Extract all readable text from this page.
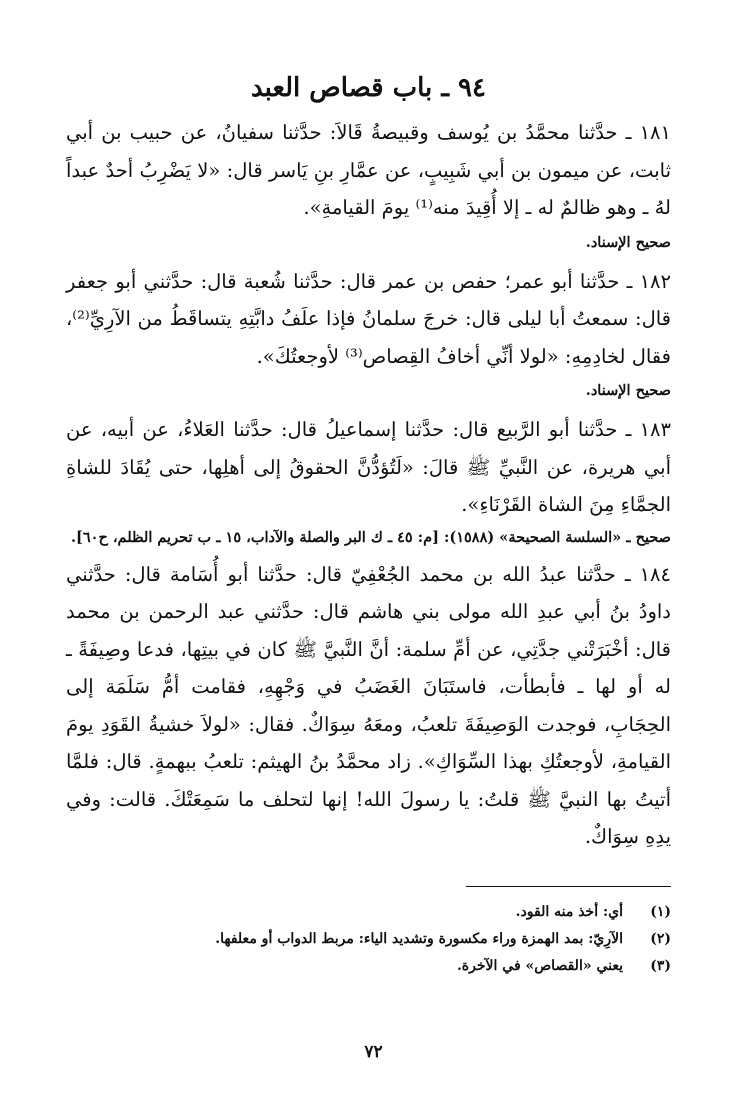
٩٤ ـ باب قصاص العبد

١٨١ ـ حدَّثنا محمَّدُ بن يُوسف وقبيصةُ قَالاَ: حدَّثنا سفيانُ، عن حبيب بن أبي ثابت، عن ميمون بن أبي شَبِيبٍ، عن عمَّارِ بنِ يَاسر قال: «لا يَضْرِبُ أحدٌ عبداً لهُ ـ وهو ظالمٌ له ـ إلا أُقِيدَ منه⁽¹⁾ يومَ القيامةِ».

صحيح الإسناد.

١٨٢ ـ حدَّثنا أبو عمر؛ حفص بن عمر قال: حدَّثنا شُعبة قال: حدَّثني أبو جعفر قال: سمعتُ أبا ليلى قال: خرجَ سلمانُ فإذا علَفُ دابَّتِهِ يتساقَطُ من الآرِيِّ⁽²⁾، فقال لخادِمِهِ: «لولا أنِّي أخافُ القِصاص⁽³⁾ لأوجعتُكَ».

صحيح الإسناد.

١٨٣ ـ حدَّثنا أبو الرَّبيع قال: حدَّثنا إسماعيلُ قال: حدَّثنا العَلاءُ، عن أبيه، عن أبي هريرة، عن النَّبيِّ ﷺ قالَ: «لَتُؤدُّنَّ الحقوقُ إلى أهلِها، حتى يُقَادَ للشاةِ الجمَّاءِ مِنَ الشاة القَرْنَاءِ».

صحيح ـ «السلسة الصحيحة» (١٥٨٨): [م: ٤٥ ـ ك البر والصلة والآداب، ١٥ ـ ب تحريم الظلم، ح٦٠].

١٨٤ ـ حدَّثنا عبدُ الله بن محمد الجُعْفِيّ قال: حدَّثنا أبو أُسَامة قال: حدَّثني داودُ بنُ أبي عبدِ الله مولى بني هاشم قال: حدَّثني عبد الرحمن بن محمد قال: أخْبَرَتْني جدَّتِي، عن أمِّ سلمة: أنَّ النَّبيَّ ﷺ كان في بيتِها، فدعا وصِيفَةً ـ له أو لها ـ فأبطأت، فاستَبَانَ الغَضَبُ في وَجْهِهِ، فقامت أمُّ سَلَمَة إلى الحِجَابِ، فوجدت الوَصِيفَةَ تلعبُ، ومعَهُ سِوَاكٌ. فقال: «لولاَ خشيةُ القَوَدِ يومَ القيامةِ، لأوجعتُكِ بهذا السِّوَاكِ». زاد محمَّدُ بنُ الهيثم: تلعبُ ببهمةٍ. قال: فلمَّا أتيتُ بها النبيَّ ﷺ قلتُ: يا رسولَ الله! إنها لتحلف ما سَمِعَتْكَ. قالت: وفي يدِهِ سِوَاكٌ.

(١)
أي: أخذ منه القود.
(٢)
الآرِيّ: بمد الهمزة وراء مكسورة وتشديد الياء: مربط الدواب أو معلفها.
(٣)
يعني «القصاص» في الآخرة.
٧٢
